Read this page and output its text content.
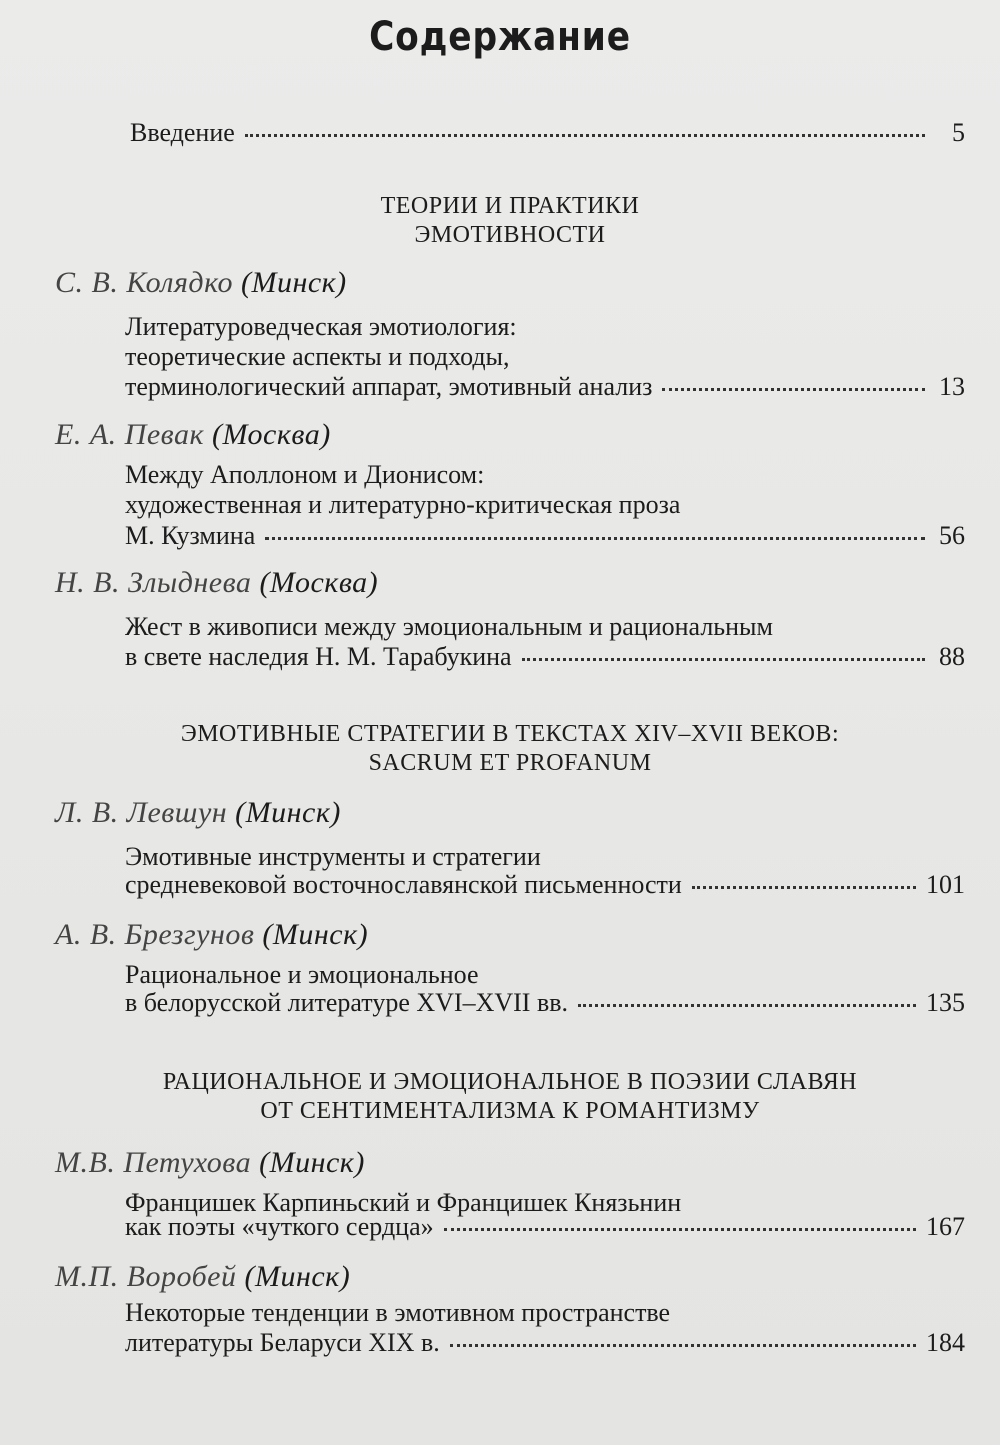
Содержание
Введение	5
ТЕОРИИ И ПРАКТИКИ
ЭМОТИВНОСТИ
С. В. Колядко (Минск)
Литературоведческая эмотиология:
теоретические аспекты и подходы,
терминологический аппарат, эмотивный анализ	13
Е. А. Певак (Москва)
Между Аполлоном и Дионисом:
художественная и литературно-критическая проза
М. Кузмина	56
Н. В. Злыднева (Москва)
Жест в живописи между эмоциональным и рациональным
в свете наследия Н. М. Тарабукина	88
ЭМОТИВНЫЕ СТРАТЕГИИ В ТЕКСТАХ XIV–XVII ВЕКОВ:
SACRUM ET PROFANUM
Л. В. Левшун (Минск)
Эмотивные инструменты и стратегии
средневековой восточнославянской письменности	101
А. В. Брезгунов (Минск)
Рациональное и эмоциональное
в белорусской литературе XVI–XVII вв.	135
РАЦИОНАЛЬНОЕ И ЭМОЦИОНАЛЬНОЕ В ПОЭЗИИ СЛАВЯН
ОТ СЕНТИМЕНТАЛИЗМА К РОМАНТИЗМУ
М.В. Петухова (Минск)
Францишек Карпиньский и Францишек Князьнин
как поэты «чуткого сердца»	167
М.П. Воробей (Минск)
Некоторые тенденции в эмотивном пространстве
литературы Беларуси XIX в.	184
